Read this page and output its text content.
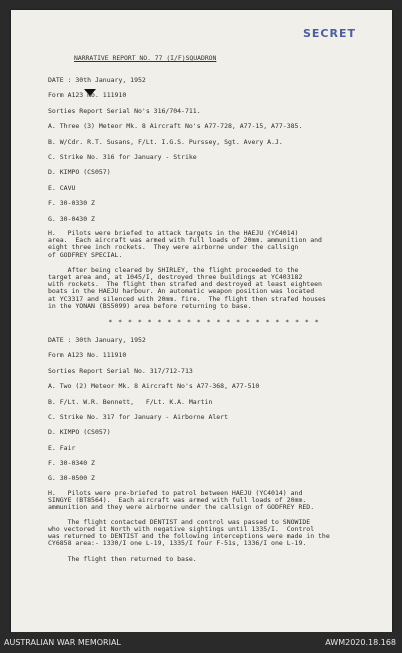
SECRET
NARRATIVE REPORT NO. 77 (I/F)SQUADRON
DATE : 30th January, 1952
Form A123 No. 111910
Sorties Report Serial No's 316/704-711.
A. Three (3) Meteor Mk. 8 Aircraft No's A77-728, A77-15, A77-385.
B. W/Cdr. R.T. Susans, F/Lt. I.G.S. Purssey, Sgt. Avery A.J.
C. Strike No. 316 for January - Strike
D. KIMPO (CS057)
E. CAVU
F. 30-0330 Z
G. 30-0430 Z
H.   Pilots were briefed to attack targets in the HAEJU (YC4014)
area.  Each aircraft was armed with full loads of 20mm. ammunition and
eight three inch rockets.  They were airborne under the callsign
of GODFREY SPECIAL.
After being cleared by SHIRLEY, the flight proceeded to the
target area and, at 1045/I, destroyed three buildings at YC403182
with rockets.  The flight then strafed and destroyed at least eighteen
boats in the HAEJU harbour. An automatic weapon position was located
at YC3317 and silenced with 20mm. fire.  The flight then strafed houses
in the YONAN (BS5099) area before returning to base.
* * * * * * * * * * * * * * * * * * * * * *
DATE : 30th January, 1952
Form A123 No. 111910
Sorties Report Serial No. 317/712-713
A. Two (2) Meteor Mk. 8 Aircraft No's A77-368, A77-510
B. F/Lt. W.R. Bennett,   F/Lt. K.A. Martin
C. Strike No. 317 for January - Airborne Alert
D. KIMPO (CS057)
E. Fair
F. 30-0340 Z
G. 30-0500 Z
H.   Pilots were pre-briefed to patrol between HAEJU (YC4014) and
SINGYE (BT8564).  Each aircraft was armed with full loads of 20mm.
ammunition and they were airborne under the callsign of GODFREY RED.
The flight contacted DENTIST and control was passed to SNOWIDE
who vectored it North with negative sightings until 1335/I.  Control
was returned to DENTIST and the following interceptions were made in the
CY6858 area:- 1330/I one L-19, 1335/I four F-51s, 1336/I one L-19.
The flight then returned to base.
AUSTRALIAN WAR MEMORIAL	AWM2020.18.168
